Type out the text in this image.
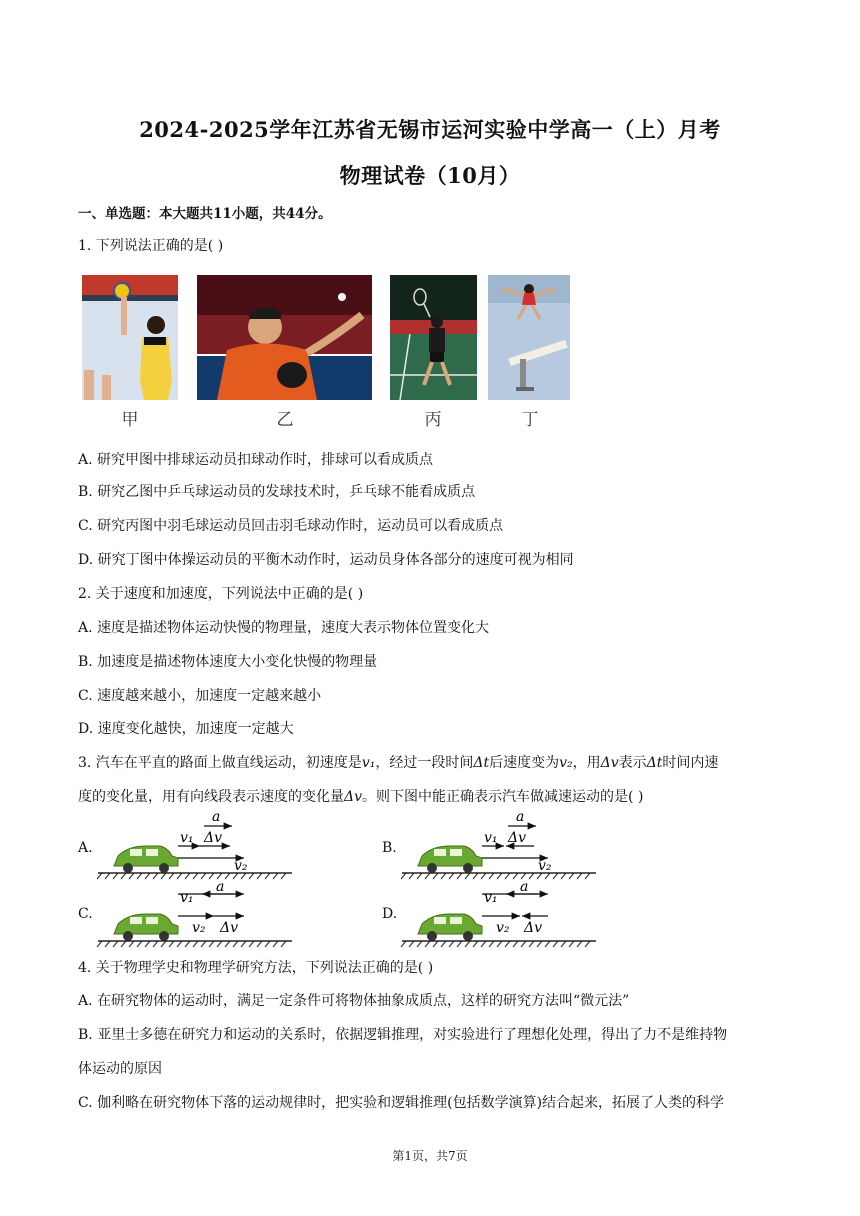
2024-2025学年江苏省无锡市运河实验中学高一（上）月考
物理试卷（10月）
一、单选题：本大题共11小题，共44分。
1. 下列说法正确的是( )
甲	乙	丙	丁
A. 研究甲图中排球运动员扣球动作时，排球可以看成质点
B. 研究乙图中乒乓球运动员的发球技术时，乒乓球不能看成质点
C. 研究丙图中羽毛球运动员回击羽毛球动作时，运动员可以看成质点
D. 研究丁图中体操运动员的平衡木动作时，运动员身体各部分的速度可视为相同
2. 关于速度和加速度，下列说法中正确的是( )
A. 速度是描述物体运动快慢的物理量，速度大表示物体位置变化大
B. 加速度是描述物体速度大小变化快慢的物理量
C. 速度越来越小，加速度一定越来越小
D. 速度变化越快，加速度一定越大
3. 汽车在平直的路面上做直线运动，初速度是v₁，经过一段时间Δt后速度变为v₂，用Δv表示Δt时间内速
度的变化量，用有向线段表示速度的变化量Δv。则下图中能正确表示汽车做减速运动的是( )
A.	B.
C.	D.
a
v₁ Δv
v₂
a
v₁ Δv
v₂
v₁
a
v₂ Δv
v₁
a
v₂ Δv
4. 关于物理学史和物理学研究方法，下列说法正确的是( )
A. 在研究物体的运动时，满足一定条件可将物体抽象成质点，这样的研究方法叫“微元法”
B. 亚里士多德在研究力和运动的关系时，依据逻辑推理，对实验进行了理想化处理，得出了力不是维持物
体运动的原因
C. 伽利略在研究物体下落的运动规律时，把实验和逻辑推理(包括数学演算)结合起来，拓展了人类的科学
第1页，共7页
